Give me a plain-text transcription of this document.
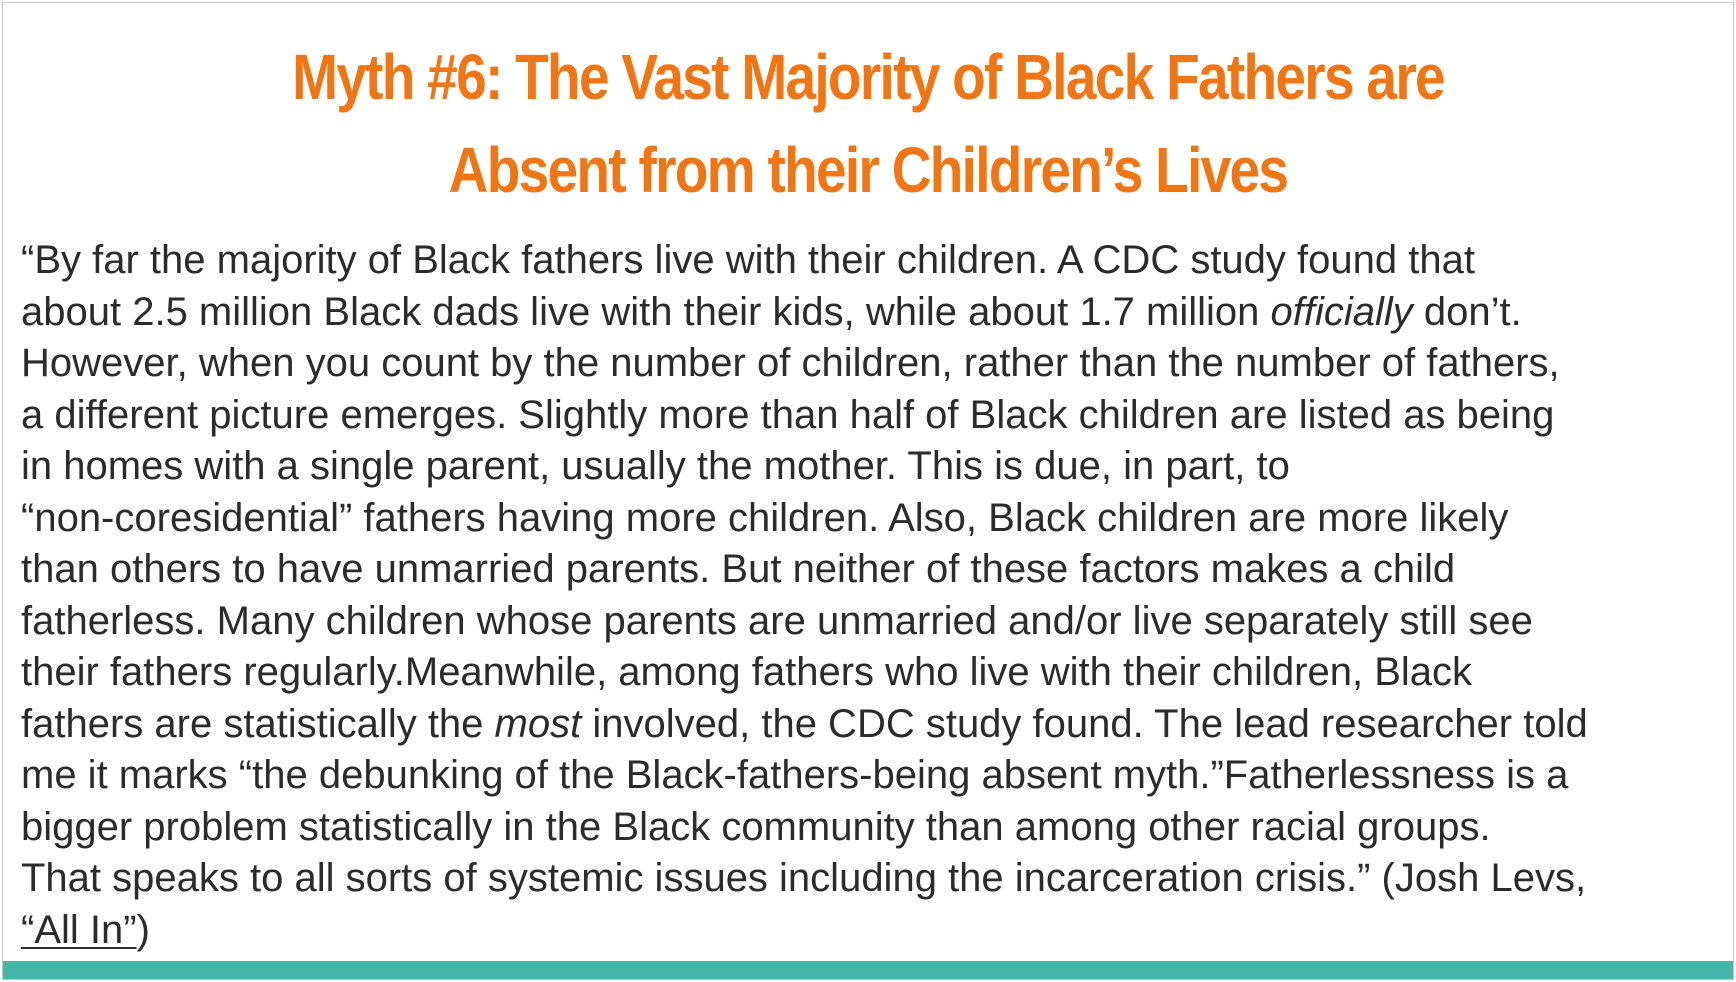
Myth #6: The Vast Majority of Black Fathers are
Absent from their Children’s Lives
“By far the majority of Black fathers live with their children. A CDC study found that
about 2.5 million Black dads live with their kids, while about 1.7 million officially don’t.
However, when you count by the number of children, rather than the number of fathers,
a different picture emerges. Slightly more than half of Black children are listed as being
in homes with a single parent, usually the mother. This is due, in part, to
“non-coresidential” fathers having more children. Also, Black children are more likely
than others to have unmarried parents. But neither of these factors makes a child
fatherless. Many children whose parents are unmarried and/or live separately still see
their fathers regularly.Meanwhile, among fathers who live with their children, Black
fathers are statistically the most involved, the CDC study found. The lead researcher told
me it marks “the debunking of the Black-fathers-being absent myth.”Fatherlessness is a
bigger problem statistically in the Black community than among other racial groups.
That speaks to all sorts of systemic issues including the incarceration crisis.” (Josh Levs,
“All In”)
